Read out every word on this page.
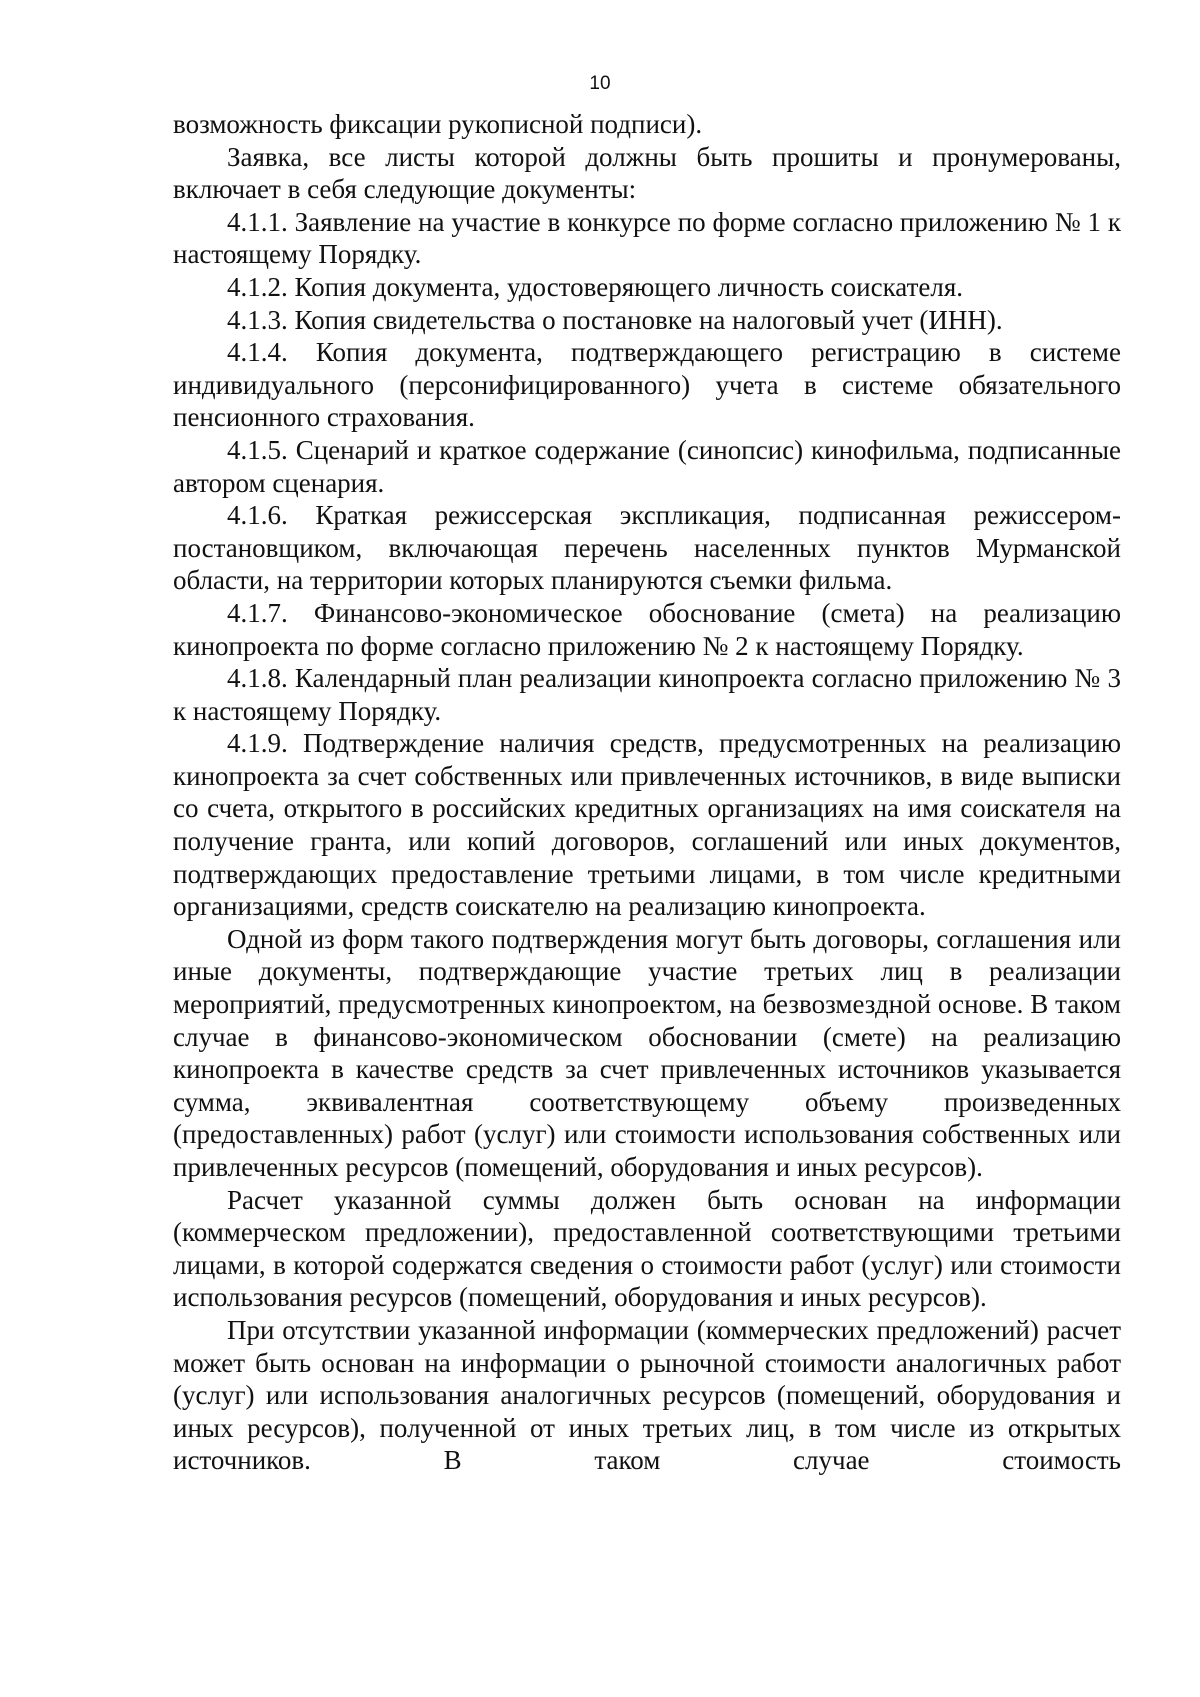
10

возможность фиксации рукописной подписи).

Заявка, все листы которой должны быть прошиты и пронумерованы, включает в себя следующие документы:

4.1.1. Заявление на участие в конкурсе по форме согласно приложению № 1 к настоящему Порядку.

4.1.2. Копия документа, удостоверяющего личность соискателя.

4.1.3. Копия свидетельства о постановке на налоговый учет (ИНН).

4.1.4. Копия документа, подтверждающего регистрацию в системе индивидуального (персонифицированного) учета в системе обязательного пенсионного страхования.

4.1.5. Сценарий и краткое содержание (синопсис) кинофильма, подписанные автором сценария.

4.1.6. Краткая режиссерская экспликация, подписанная режиссером-постановщиком, включающая перечень населенных пунктов Мурманской области, на территории которых планируются съемки фильма.

4.1.7. Финансово-экономическое обоснование (смета) на реализацию кинопроекта по форме согласно приложению № 2 к настоящему Порядку.

4.1.8. Календарный план реализации кинопроекта согласно приложению № 3 к настоящему Порядку.

4.1.9. Подтверждение наличия средств, предусмотренных на реализацию кинопроекта за счет собственных или привлеченных источников, в виде выписки со счета, открытого в российских кредитных организациях на имя соискателя на получение гранта, или копий договоров, соглашений или иных документов, подтверждающих предоставление третьими лицами, в том числе кредитными организациями, средств соискателю на реализацию кинопроекта.

Одной из форм такого подтверждения могут быть договоры, соглашения или иные документы, подтверждающие участие третьих лиц в реализации мероприятий, предусмотренных кинопроектом, на безвозмездной основе. В таком случае в финансово-экономическом обосновании (смете) на реализацию кинопроекта в качестве средств за счет привлеченных источников указывается сумма, эквивалентная соответствующему объему произведенных (предоставленных) работ (услуг) или стоимости использования собственных или привлеченных ресурсов (помещений, оборудования и иных ресурсов).

Расчет указанной суммы должен быть основан на информации (коммерческом предложении), предоставленной соответствующими третьими лицами, в которой содержатся сведения о стоимости работ (услуг) или стоимости использования ресурсов (помещений, оборудования и иных ресурсов).

При отсутствии указанной информации (коммерческих предложений) расчет может быть основан на информации о рыночной стоимости аналогичных работ (услуг) или использования аналогичных ресурсов (помещений, оборудования и иных ресурсов), полученной от иных третьих лиц, в том числе из открытых источников. В таком случае стоимость
